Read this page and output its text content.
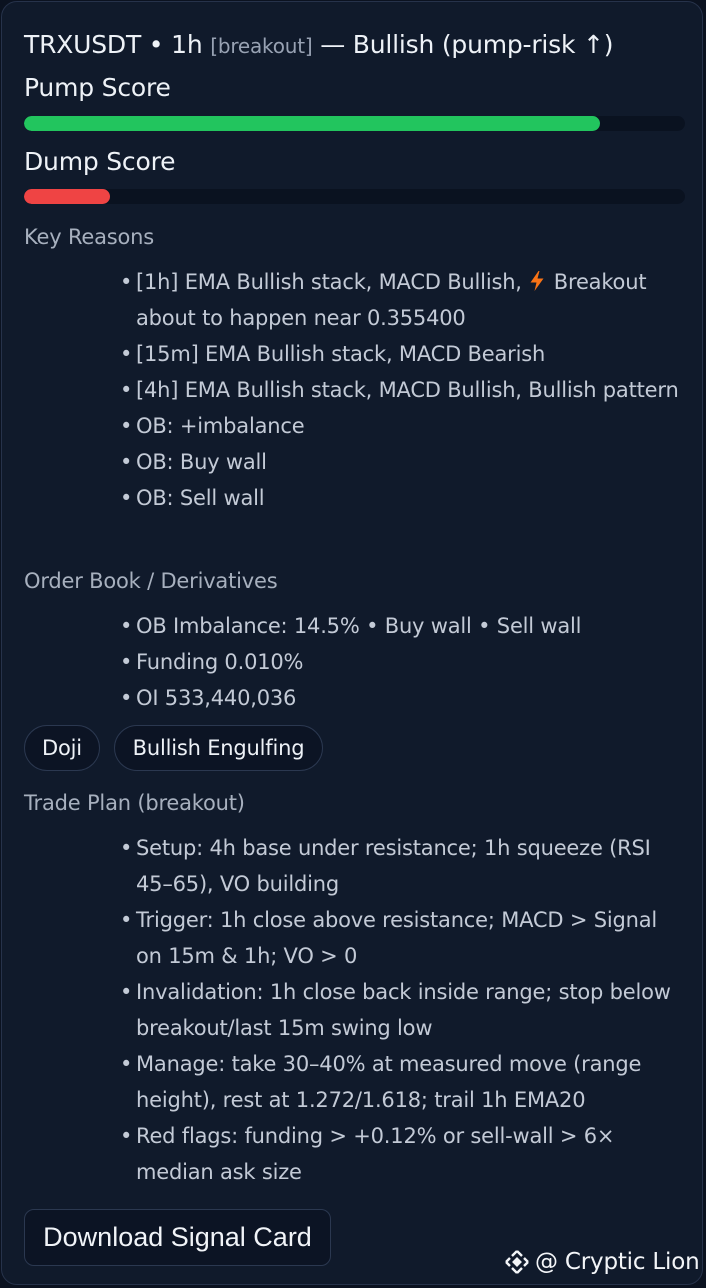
TRXUSDT • 1h [breakout] — Bullish (pump-risk ↑)
Pump Score
Dump Score
Key Reasons
• [1h] EMA Bullish stack, MACD Bullish, Breakout about to happen near 0.355400
• [15m] EMA Bullish stack, MACD Bearish
• [4h] EMA Bullish stack, MACD Bullish, Bullish pattern
• OB: +imbalance
• OB: Buy wall
• OB: Sell wall
Order Book / Derivatives
• OB Imbalance: 14.5% • Buy wall • Sell wall
• Funding 0.010%
• OI 533,440,036
Doji	Bullish Engulfing
Trade Plan (breakout)
• Setup: 4h base under resistance; 1h squeeze (RSI 45–65), VO building
• Trigger: 1h close above resistance; MACD > Signal on 15m & 1h; VO > 0
• Invalidation: 1h close back inside range; stop below breakout/last 15m swing low
• Manage: take 30–40% at measured move (range height), rest at 1.272/1.618; trail 1h EMA20
• Red flags: funding > +0.12% or sell-wall > 6× median ask size
Download Signal Card
@ Cryptic Lion
